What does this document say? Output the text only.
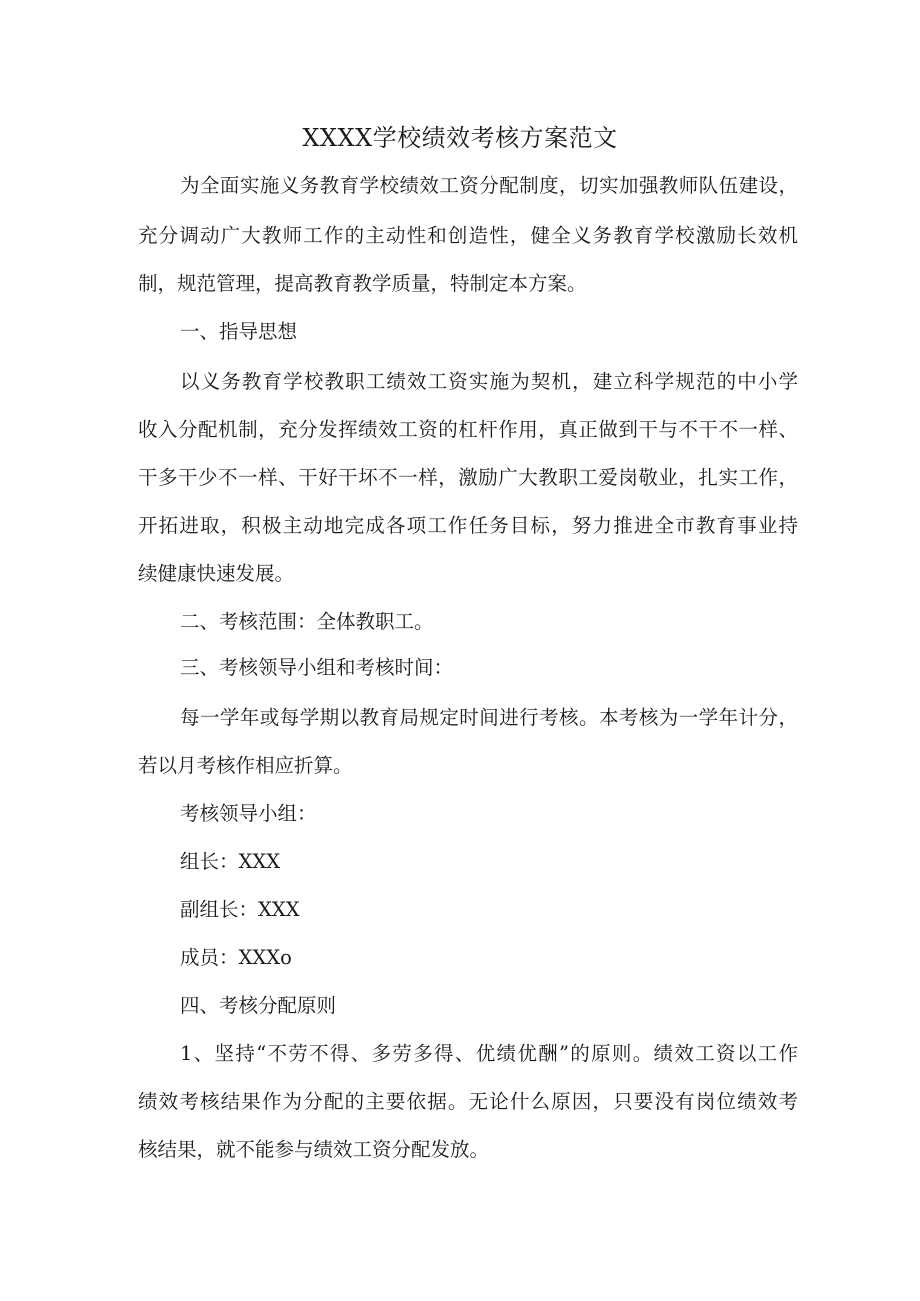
XXXX学校绩效考核方案范文
为全面实施义务教育学校绩效工资分配制度，切实加强教师队伍建设，
充分调动广大教师工作的主动性和创造性，健全义务教育学校激励长效机
制，规范管理，提高教育教学质量，特制定本方案。
一、指导思想
以义务教育学校教职工绩效工资实施为契机，建立科学规范的中小学
收入分配机制，充分发挥绩效工资的杠杆作用，真正做到干与不干不一样、
干多干少不一样、干好干坏不一样，激励广大教职工爱岗敬业，扎实工作，
开拓进取，积极主动地完成各项工作任务目标，努力推进全市教育事业持
续健康快速发展。
二、考核范围：全体教职工。
三、考核领导小组和考核时间：
每一学年或每学期以教育局规定时间进行考核。本考核为一学年计分，
若以月考核作相应折算。
考核领导小组：
组长：XXX
副组长：XXX
成员：XXXo
四、考核分配原则
1、坚持“不劳不得、多劳多得、优绩优酬”的原则。绩效工资以工作
绩效考核结果作为分配的主要依据。无论什么原因，只要没有岗位绩效考
核结果，就不能参与绩效工资分配发放。
